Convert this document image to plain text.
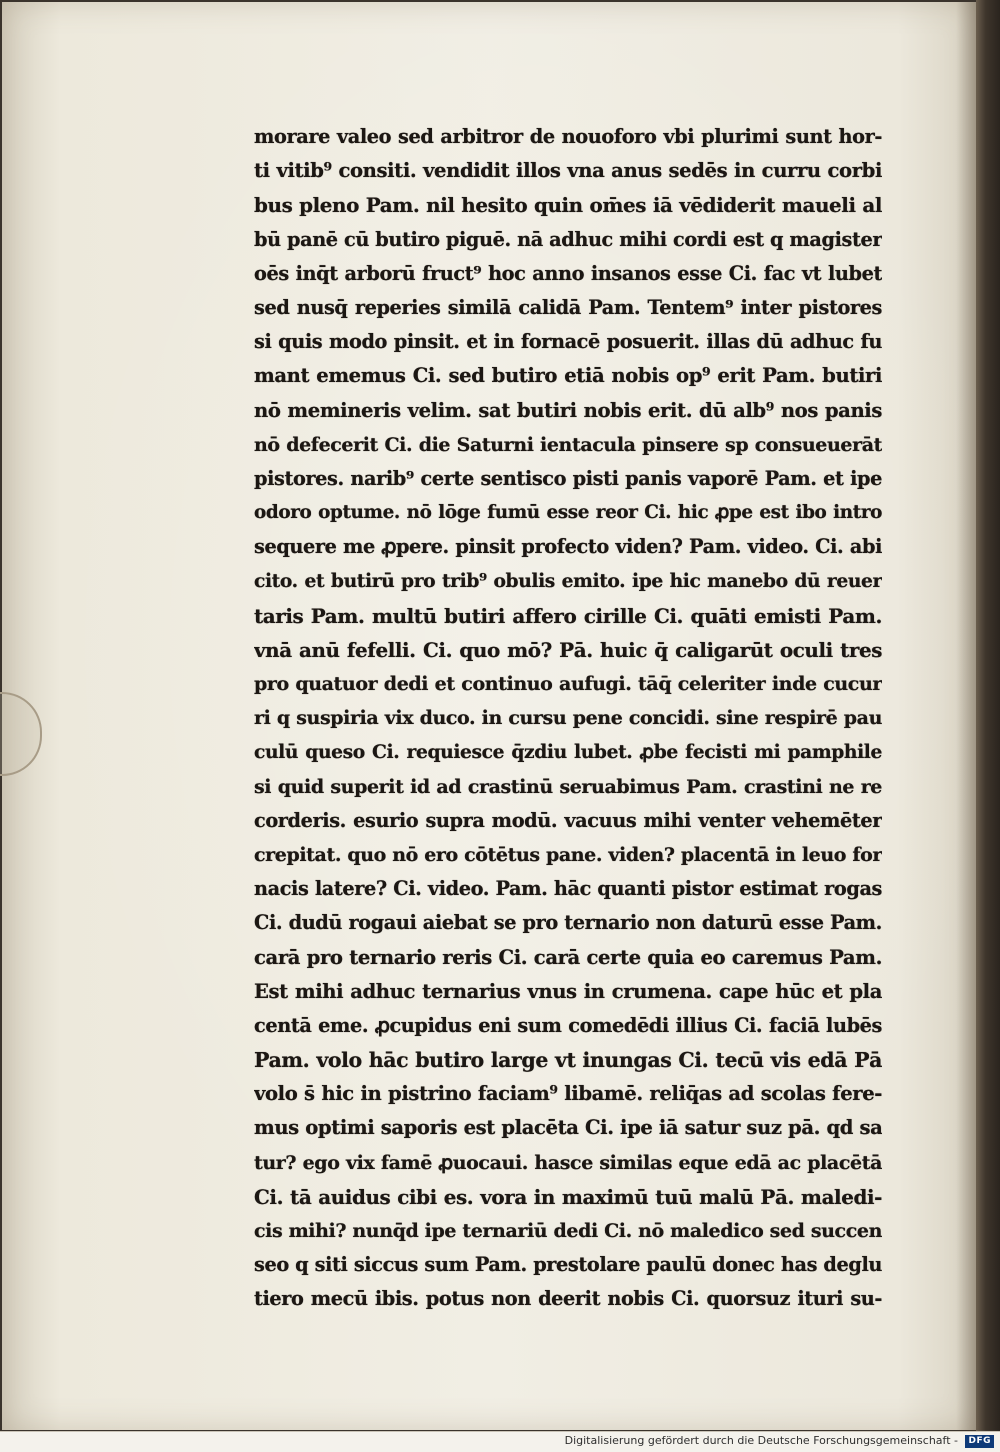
morare valeo sed arbitror de nouoforo vbi plurimi sunt hor-
ti vitib⁹ consiti. vendidit illos vna anus sedēs in curru corbi
bus pleno Pam. nil hesito quin om̄es iā vēdiderit maueli al
bū panē cū butiro piguē. nā adhuc mihi cordi est q magister
oēs inq̄t arborū fruct⁹ hoc anno insanos esse Ci. fac vt lubet
sed nusq̄ reperies similā calidā Pam. Tentem⁹ inter pistores
si quis modo pinsit. et in fornacē posuerit. illas dū adhuc fu
mant ememus Ci. sed butiro etiā nobis op⁹ erit Pam. butiri
nō memineris velim. sat butiri nobis erit. dū alb⁹ nos panis
nō defecerit Ci. die Saturni ientacula pinsere sp consueuerāt
pistores. narib⁹ certe sentisco pisti panis vaporē Pam. et ipe
odoro optume. nō lōge fumū esse reor Ci. hic ꝓpe est ibo intro
sequere me ꝓpere. pinsit profecto viden? Pam. video. Ci. abi
cito. et butirū pro trib⁹ obulis emito. ipe hic manebo dū reuer
taris Pam. multū butiri affero cirille Ci. quāti emisti Pam.
vnā anū fefelli. Ci. quo mō? Pā. huic q̄ caligarūt oculi tres
pro quatuor dedi et continuo aufugi. tāq̄ celeriter inde cucur
ri q suspiria vix duco. in cursu pene concidi. sine respirē pau
culū queso Ci. requiesce q̄zdiu lubet. ꝓbe fecisti mi pamphile
si quid superit id ad crastinū seruabimus Pam. crastini ne re
corderis. esurio supra modū. vacuus mihi venter vehemēter
crepitat. quo nō ero cōtētus pane. viden? placentā in leuo for
nacis latere? Ci. video. Pam. hāc quanti pistor estimat rogas
Ci. dudū rogaui aiebat se pro ternario non daturū esse Pam.
carā pro ternario reris Ci. carā certe quia eo caremus Pam.
Est mihi adhuc ternarius vnus in crumena. cape hūc et pla
centā eme. ꝓcupidus eni sum comedēdi illius Ci. faciā lubēs
Pam. volo hāc butiro large vt inungas Ci. tecū vis edā Pā
volo s̄ hic in pistrino faciam⁹ libamē. reliq̄as ad scolas fere-
mus optimi saporis est placēta Ci. ipe iā satur suz pā. qd sa
tur? ego vix famē ꝓuocaui. hasce similas eque edā ac placētā
Ci. tā auidus cibi es. vora in maximū tuū malū Pā. maledi-
cis mihi? nunq̄d ipe ternariū dedi Ci. nō maledico sed succen
seo q siti siccus sum Pam. prestolare paulū donec has deglu
tiero mecū ibis. potus non deerit nobis Ci. quorsuz ituri su-
Digitalisierung gefördert durch die Deutsche Forschungsgemeinschaft -	DFG
